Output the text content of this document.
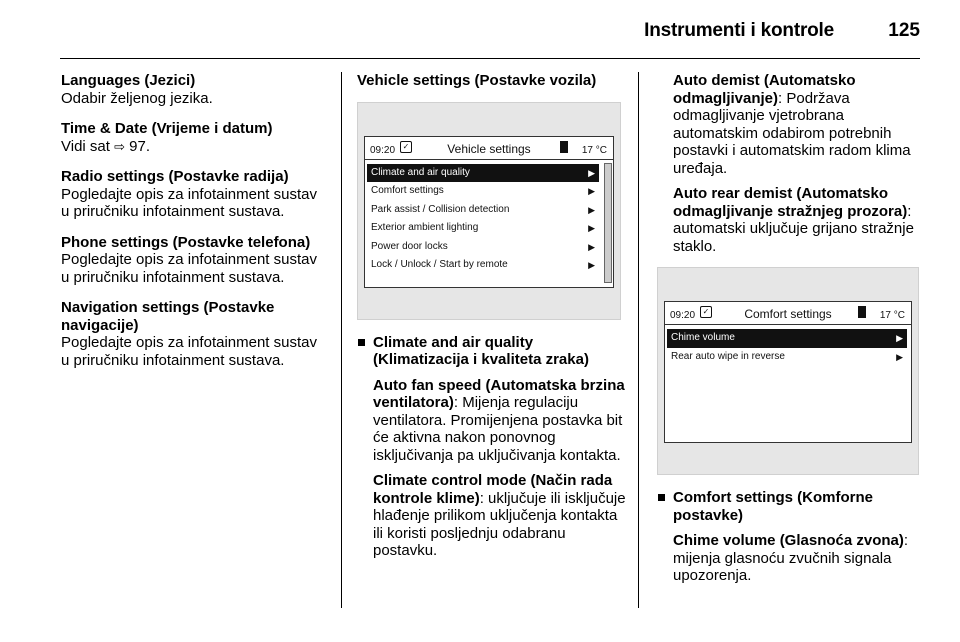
Instrumenti i kontrole	125

Languages (Jezici)

Odabir željenog jezika.

Time & Date (Vrijeme i datum)

Vidi sat ⇨ 97.

Radio settings (Postavke radija)

Pogledajte opis za infotainment sustav u priručniku infotainment sustava.

Phone settings (Postavke telefona)

Pogledajte opis za infotainment sustav u priručniku infotainment sustava.

Navigation settings (Postavke navigacije)

Pogledajte opis za infotainment sustav u priručniku infotainment sustava.

Vehicle settings (Postavke vozila)

09:20 ✓	Vehicle settings	17 °C
Climate and air quality	▶
Comfort settings	▶
Park assist / Collision detection	▶
Exterior ambient lighting	▶
Power door locks	▶
Lock / Unlock / Start by remote	▶
Climate and air quality (Klimatizacija i kvaliteta zraka)
Auto fan speed (Automatska brzina ventilatora): Mijenja regulaciju ventilatora. Promijenjena postavka bit će aktivna nakon ponovnog isključivanja pa uključivanja kontakta.
Climate control mode (Način rada kontrole klime): uključuje ili isključuje hlađenje prilikom uključenja kontakta ili koristi posljednju odabranu postavku.
Auto demist (Automatsko odmagljivanje): Podržava odmagljivanje vjetrobrana automatskim odabirom potrebnih postavki i automatskim radom klima uređaja.
Auto rear demist (Automatsko odmagljivanje stražnjeg prozora): automatski uključuje grijano stražnje staklo.
09:20 ✓	Comfort settings	17 °C
Chime volume	▶
Rear auto wipe in reverse	▶
Comfort settings (Komforne postavke)
Chime volume (Glasnoća zvona): mijenja glasnoću zvučnih signala upozorenja.
